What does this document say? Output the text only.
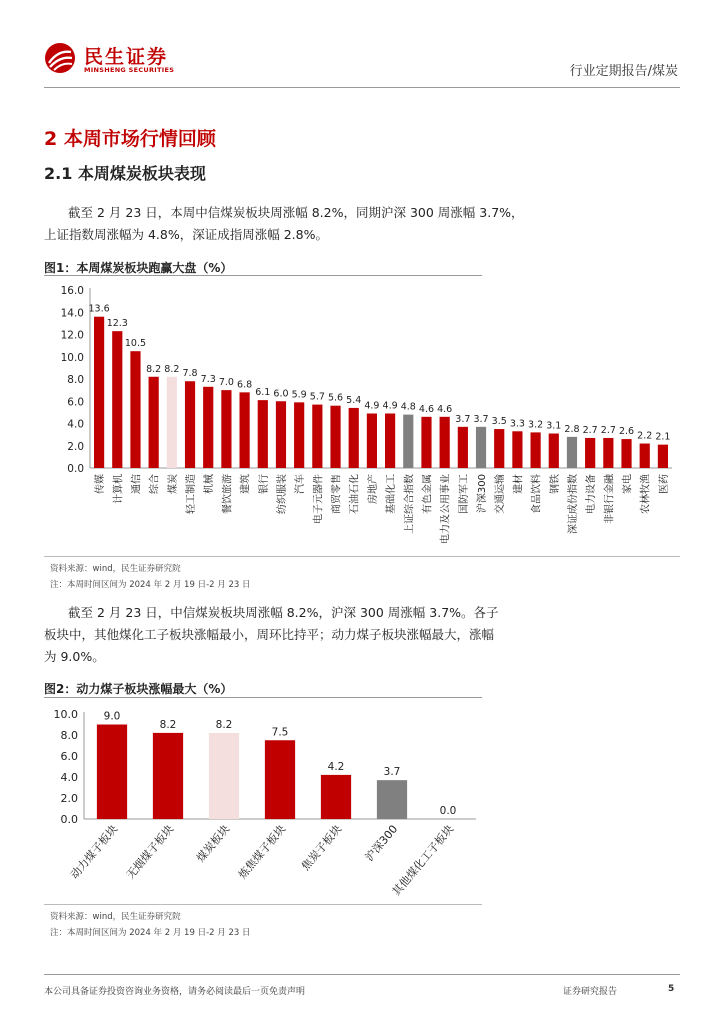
民生证券
MINSHENG SECURITIES	行业定期报告/煤炭
2 本周市场行情回顾
2.1 本周煤炭板块表现
截至 2 月 23 日，本周中信煤炭板块周涨幅 8.2%，同期沪深 300 周涨幅 3.7%，
上证指数周涨幅为 4.8%，深证成指周涨幅 2.8%。
图1：本周煤炭板块跑赢大盘（%）
0.0
2.0
4.0
6.0
8.0
10.0
12.0
14.0
16.0
13.6
传媒
12.3
计算机
10.5
通信
8.2
综合
8.2
煤炭
7.8
轻工制造
7.3
机械
7.0
餐饮旅游
6.8
建筑
6.1
银行
6.0
纺织服装
5.9
汽车
5.7
电子元器件
5.6
商贸零售
5.4
石油石化
4.9
房地产
4.9
基础化工
4.8
上证综合指数
4.6
有色金属
4.6
电力及公用事业
3.7
国防军工
3.7
沪深300
3.5
交通运输
3.3
建材
3.2
食品饮料
3.1
钢铁
2.8
深证成份指数
2.7
电力设备
2.7
非银行金融
2.6
家电
2.2
农林牧渔
2.1
医药
资料来源：wind，民生证券研究院
注：本周时间区间为 2024 年 2 月 19 日-2 月 23 日
截至 2 月 23 日，中信煤炭板块周涨幅 8.2%，沪深 300 周涨幅 3.7%。各子
板块中，其他煤化工子板块涨幅最小，周环比持平；动力煤子板块涨幅最大，涨幅
为 9.0%。
图2：动力煤子板块涨幅最大（%）
0.0
2.0
4.0
6.0
8.0
10.0 9.0
动力煤子板块
8.2
无烟煤子板块
8.2
煤炭板块
7.5
炼焦煤子板块
4.2
焦炭子板块
3.7
沪深300
0.0
其他煤化工子板块
资料来源：wind，民生证券研究院
注：本周时间区间为 2024 年 2 月 19 日-2 月 23 日
本公司具备证券投资咨询业务资格，请务必阅读最后一页免责声明	证券研究报告	5
